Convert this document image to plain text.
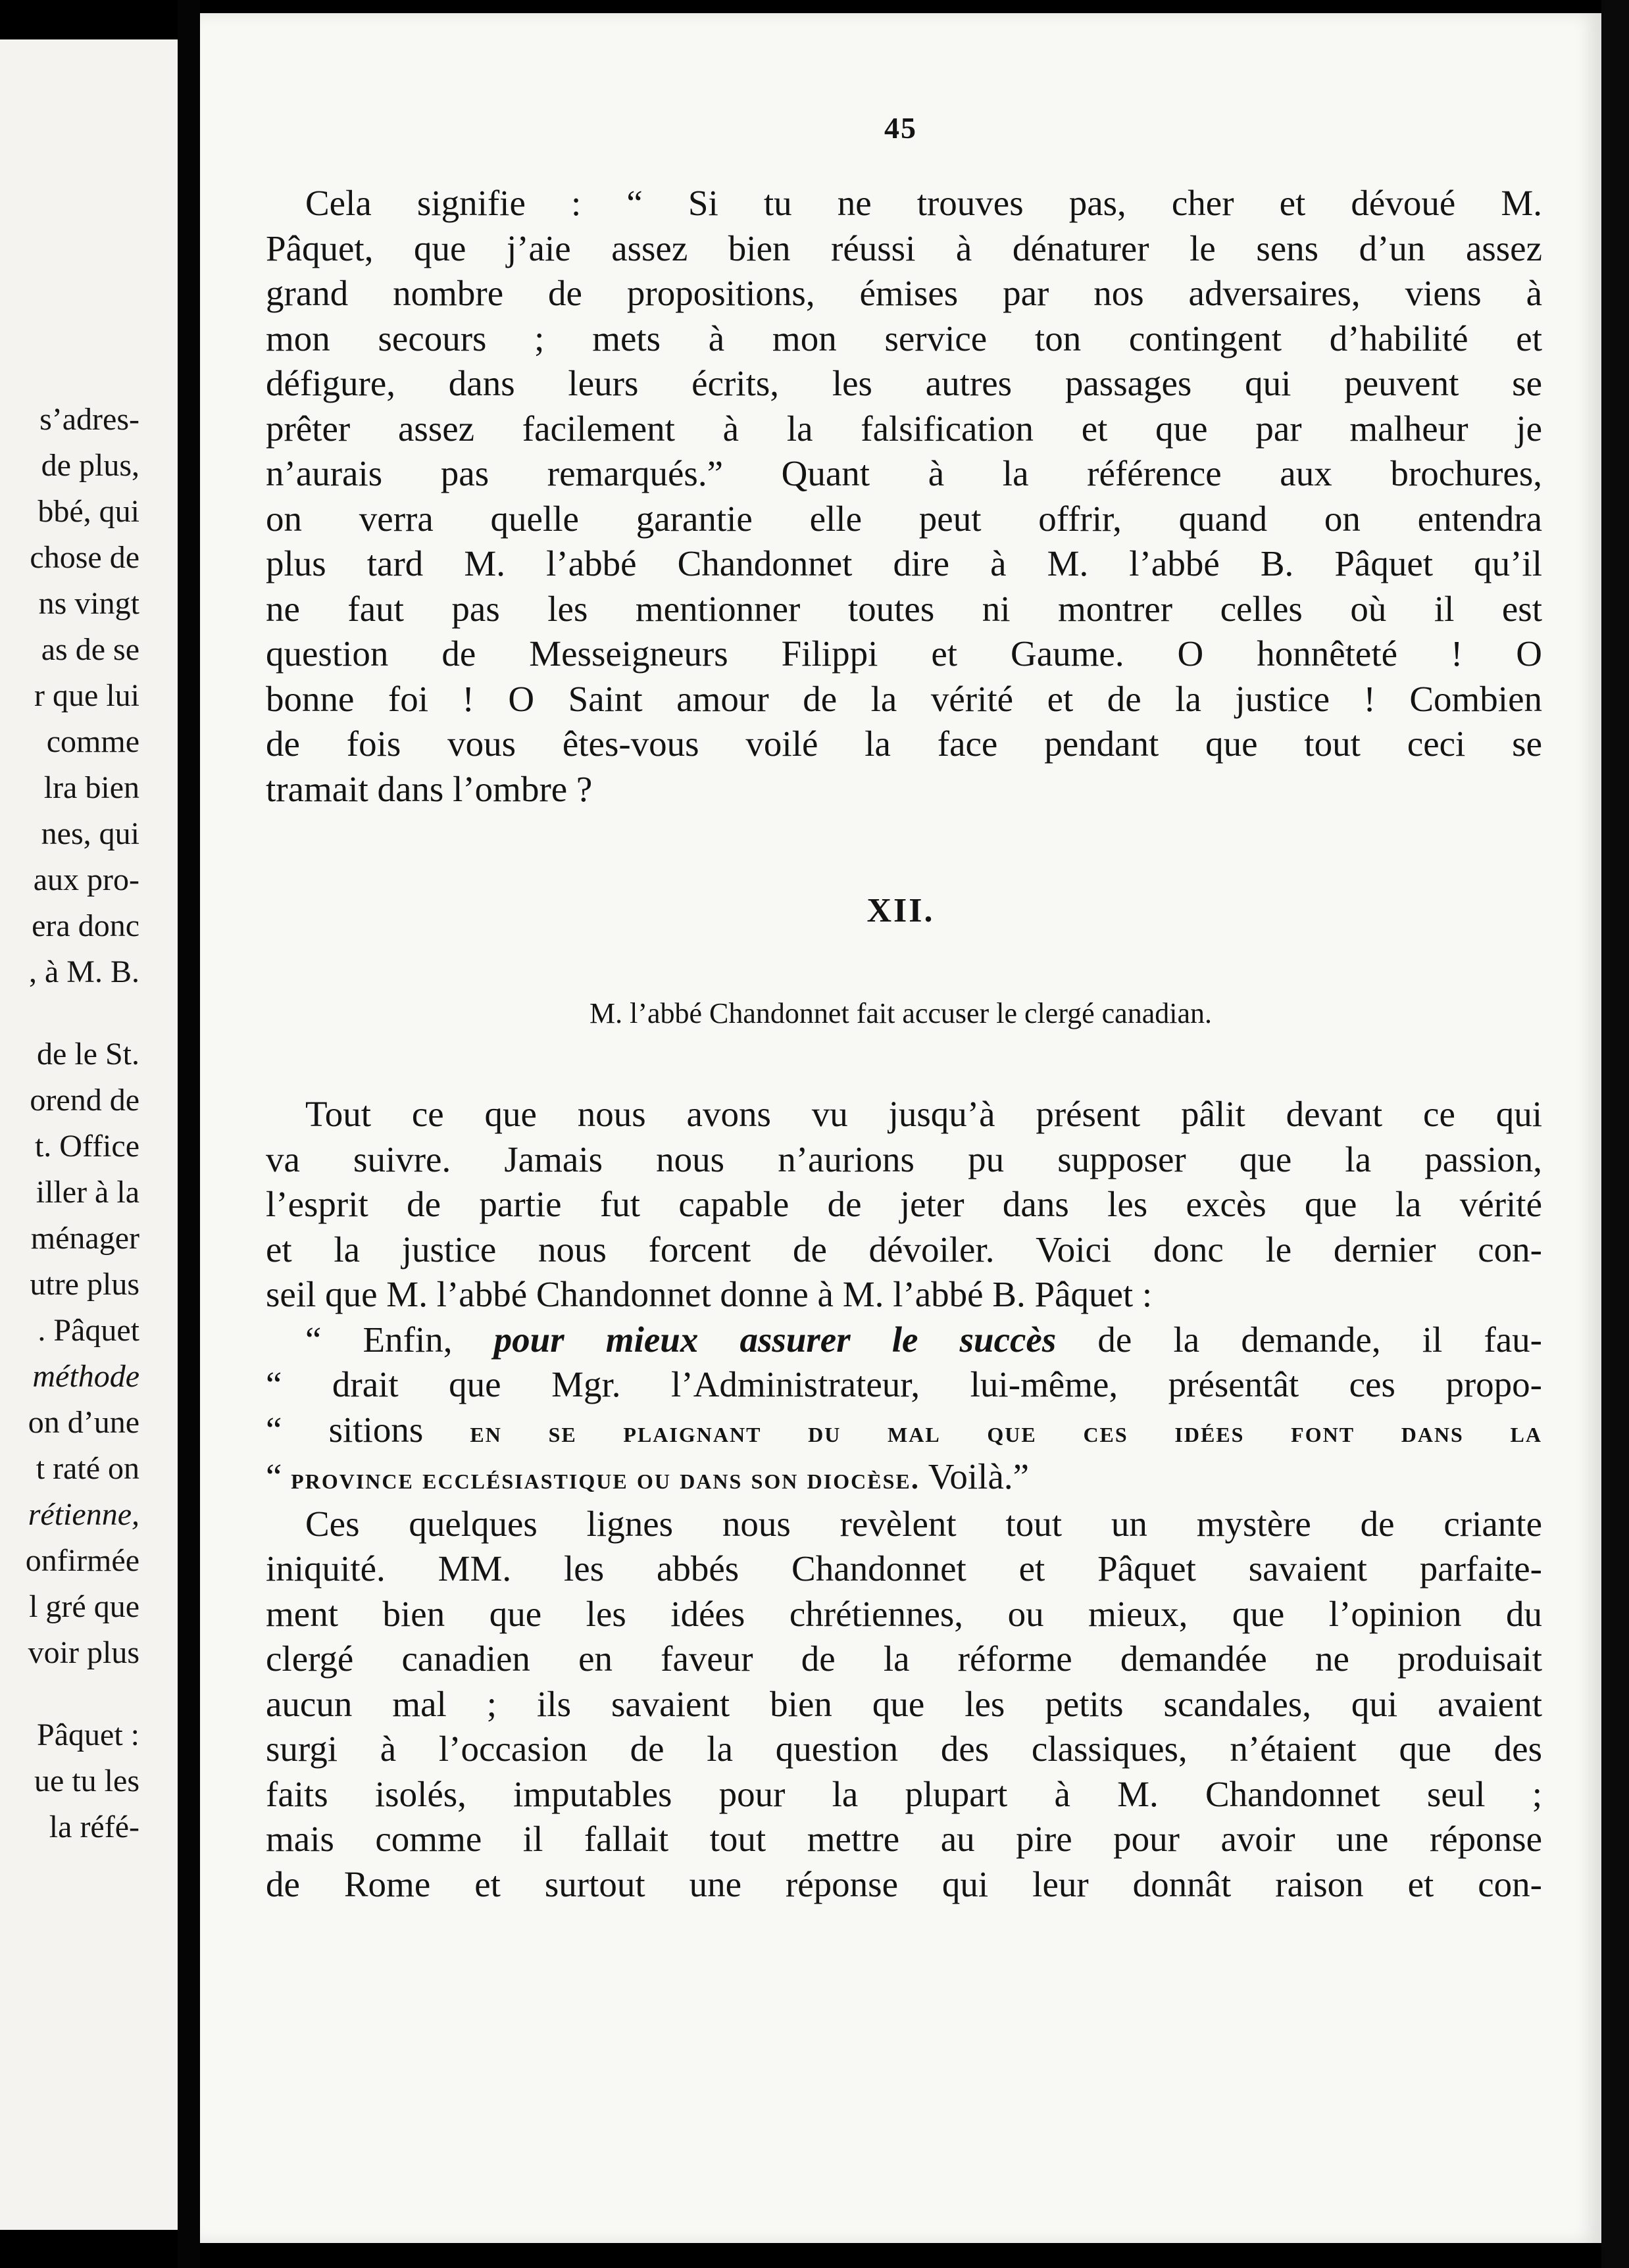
s’adres-
de plus,
bbé, qui
chose de
ns vingt
as de se
r que lui
comme
lra bien
nes, qui
aux pro-
era donc
, à M. B.
de le St.
orend de
t. Office
iller à la
ménager
utre plus
. Pâquet
méthode
on d’une
t raté on
rétienne,
onfirmée
l gré que
voir plus
Pâquet :
ue tu les
la réfé-
45
Cela signifie : “ Si tu ne trouves pas, cher et dévoué M.
Pâquet, que j’aie assez bien réussi à dénaturer le sens d’un assez
grand nombre de propositions, émises par nos adversaires, viens à
mon secours ; mets à mon service ton contingent d’habilité et
défigure, dans leurs écrits, les autres passages qui peuvent se
prêter assez facilement à la falsification et que par malheur je
n’aurais pas remarqués.” Quant à la référence aux brochures,
on verra quelle garantie elle peut offrir, quand on entendra
plus tard M. l’abbé Chandonnet dire à M. l’abbé B. Pâquet qu’il
ne faut pas les mentionner toutes ni montrer celles où il est
question de Messeigneurs Filippi et Gaume. O honnêteté ! O
bonne foi ! O Saint amour de la vérité et de la justice ! Combien
de fois vous êtes-vous voilé la face pendant que tout ceci se
tramait dans l’ombre ?
XII.
M. l’abbé Chandonnet fait accuser le clergé canadian.
Tout ce que nous avons vu jusqu’à présent pâlit devant ce qui
va suivre. Jamais nous n’aurions pu supposer que la passion,
l’esprit de partie fut capable de jeter dans les excès que la vérité
et la justice nous forcent de dévoiler. Voici donc le dernier con-
seil que M. l’abbé Chandonnet donne à M. l’abbé B. Pâquet :
“ Enfin, pour mieux assurer le succès de la demande, il fau-
“ drait que Mgr. l’Administrateur, lui-même, présentât ces propo-
“ sitions en se plaignant du mal que ces idées font dans la
“ province ecclésiastique ou dans son diocèse. Voilà.”
Ces quelques lignes nous revèlent tout un mystère de criante
iniquité. MM. les abbés Chandonnet et Pâquet savaient parfaite-
ment bien que les idées chrétiennes, ou mieux, que l’opinion du
clergé canadien en faveur de la réforme demandée ne produisait
aucun mal ; ils savaient bien que les petits scandales, qui avaient
surgi à l’occasion de la question des classiques, n’étaient que des
faits isolés, imputables pour la plupart à M. Chandonnet seul ;
mais comme il fallait tout mettre au pire pour avoir une réponse
de Rome et surtout une réponse qui leur donnât raison et con-
